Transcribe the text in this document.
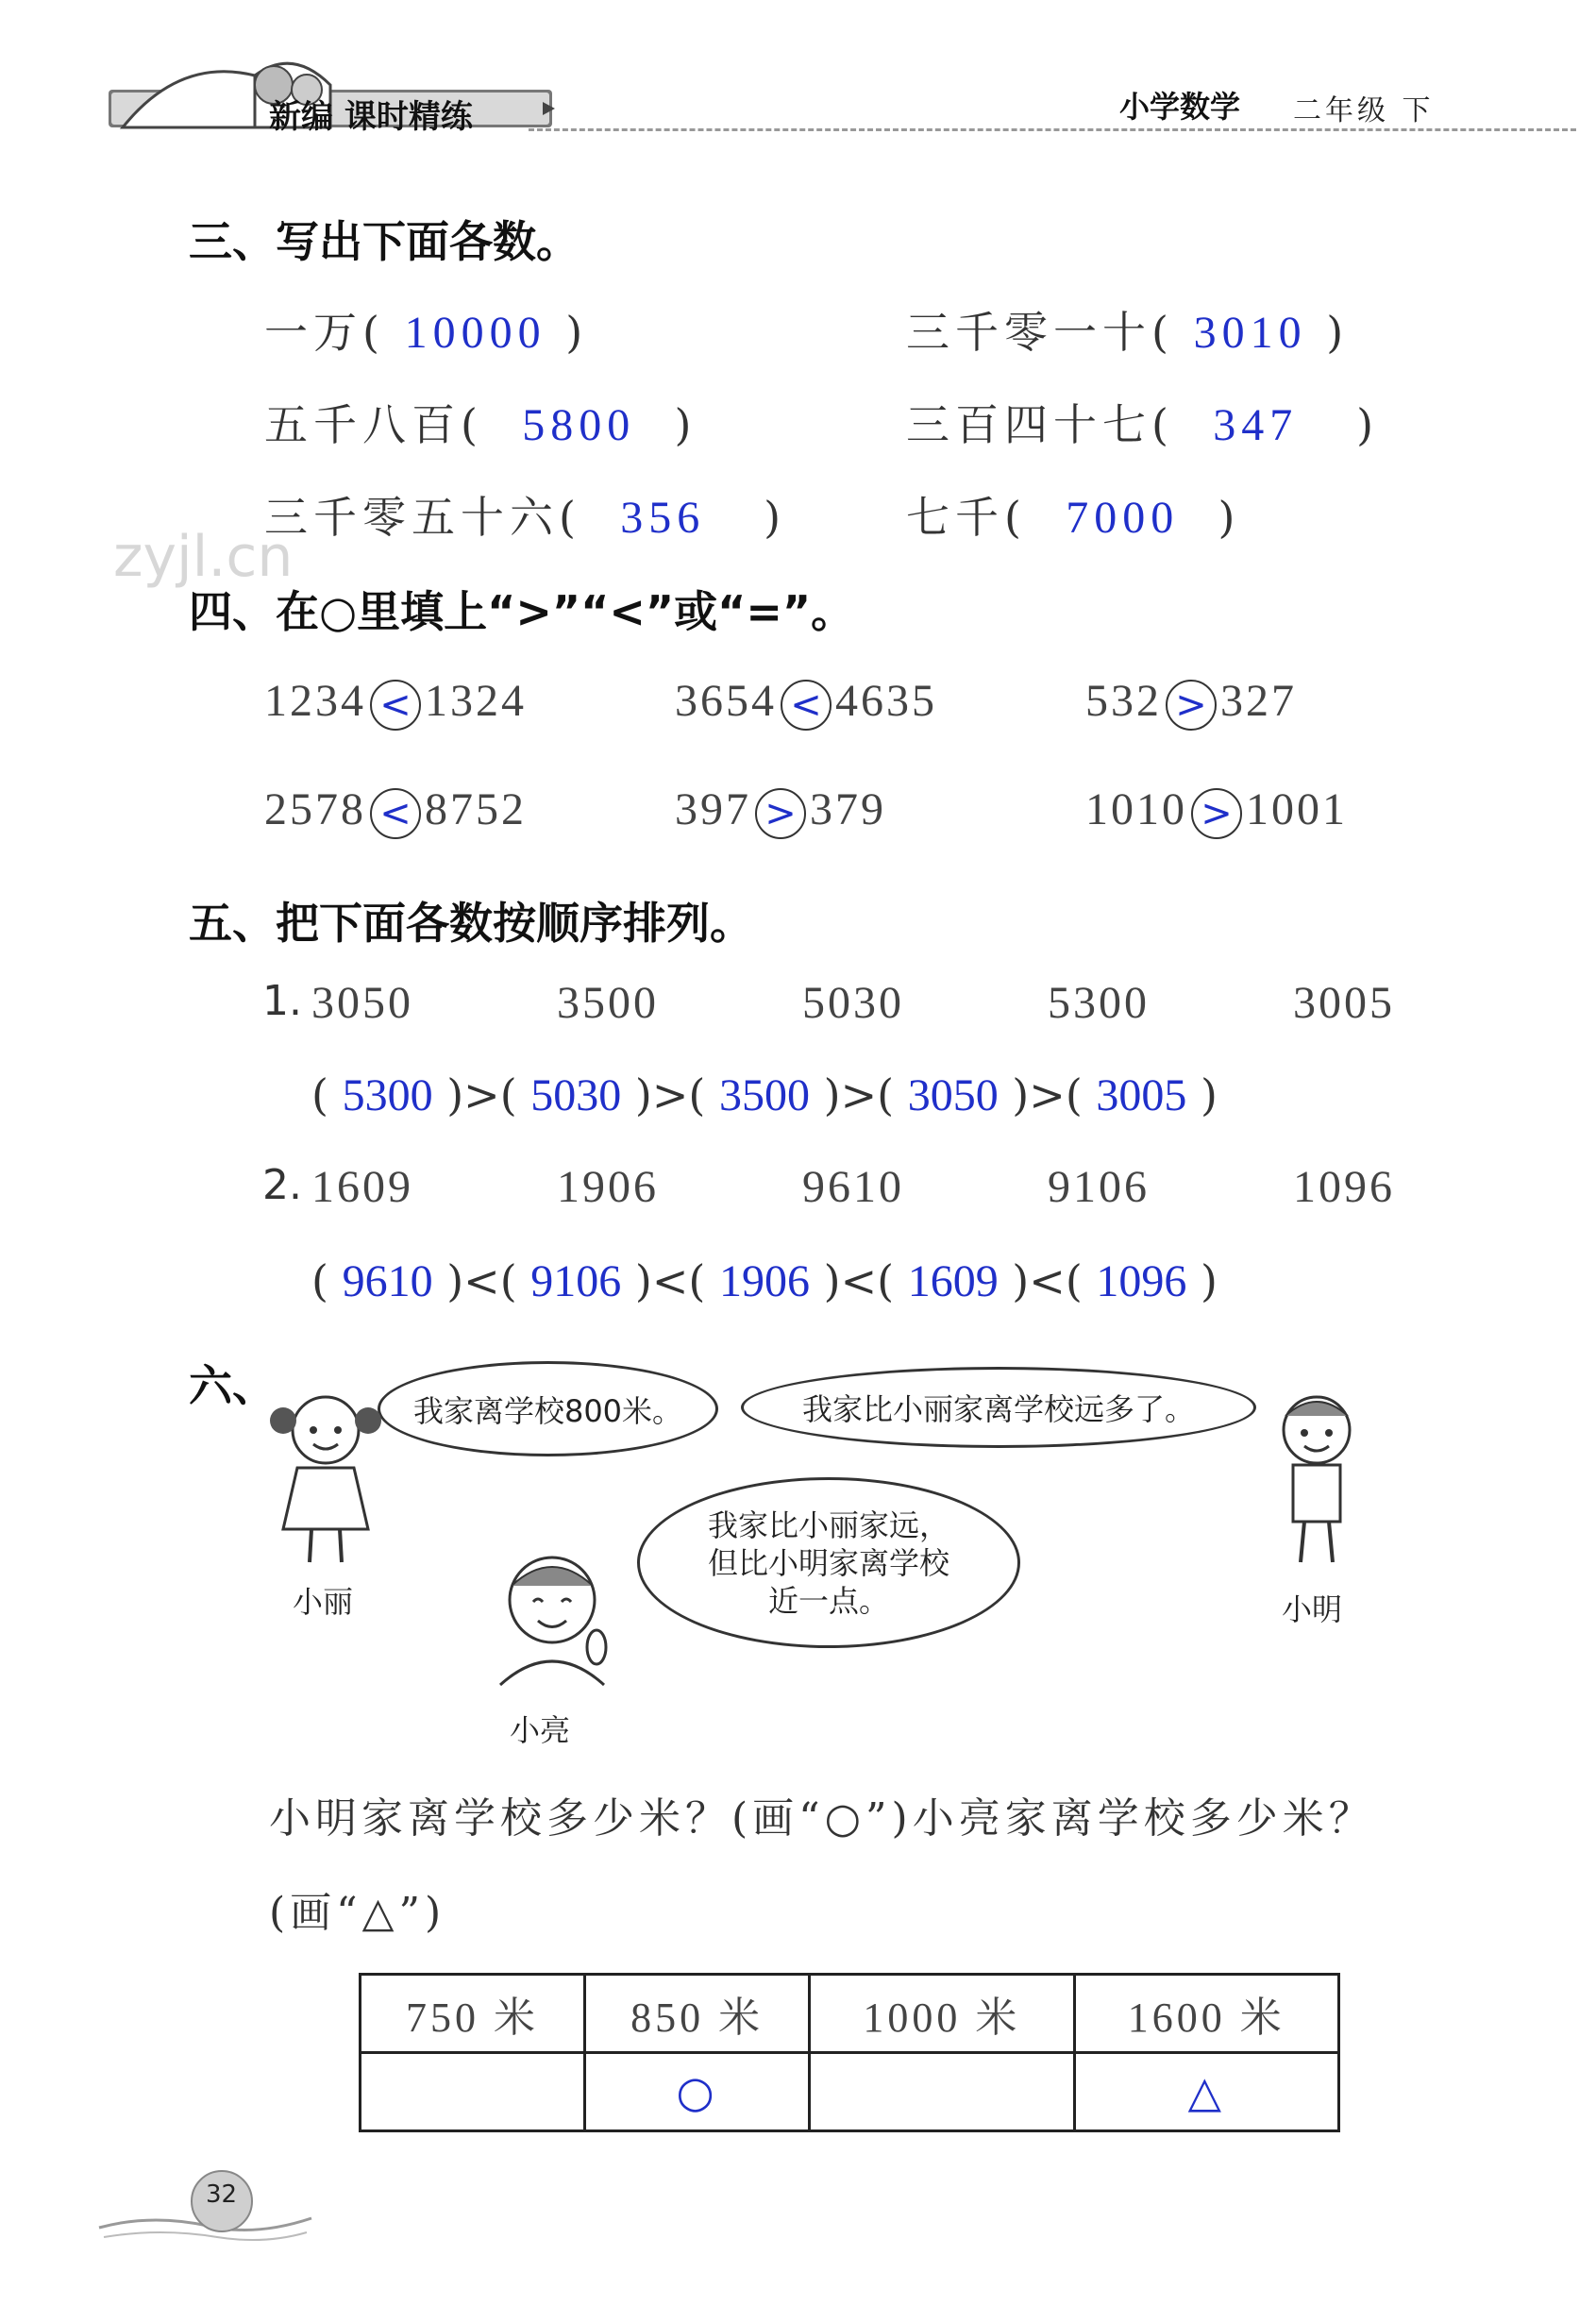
新编 课时精练	小学数学 二年级 下
zyjl.cn
三、写出下面各数。
一万( 10000 )	三千零一十( 3010 )
五千八百(  5800  )	三百四十七(  347   )
三千零五十六(  356   )	七千(  7000  )
四、在○里填上“>”“<”或“=”。
1234 < 1324	3654 < 4635	532 > 327
2578 < 8752	397 > 379	1010 > 1001
五、把下面各数按顺序排列。
1. 3050	3500	5030	5300	3005
( 5300 )>( 5030 )>( 3500 )>( 3050 )>( 3005 )
2. 1609	1906	9610	9106	1096
( 9610 )<( 9106 )<( 1906 )<( 1609 )<( 1096 )
六、	我家离学校800米。
小丽
我家比小丽家离学校远多了。
小明
我家比小丽家远，
但比小明家离学校
近一点。
小亮
小明家离学校多少米？(画“○”)小亮家离学校多少米？
(画“△”)
750 米	850 米	1000 米	1600 米
	○		△
32
